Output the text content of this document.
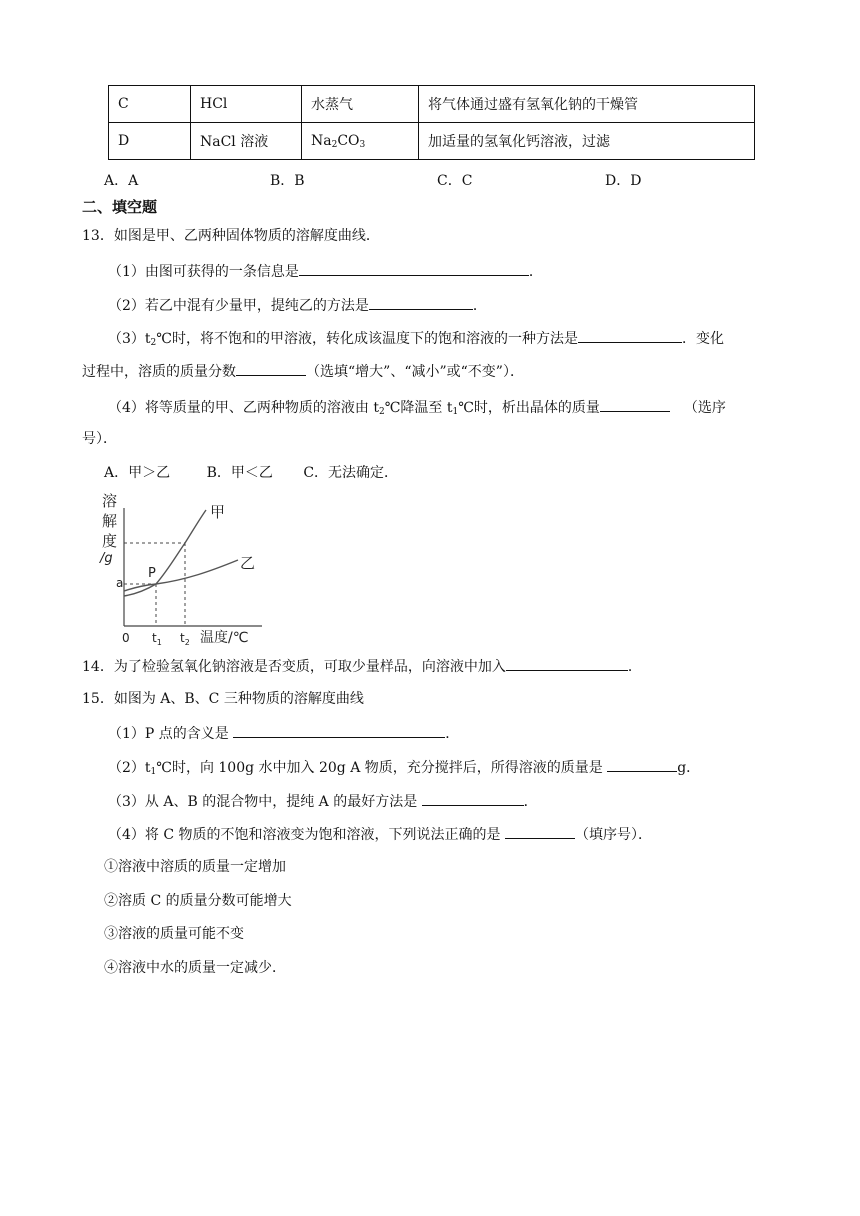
C	HCl	水蒸气	将气体通过盛有氢氧化钠的干燥管
D	NaCl 溶液	$Na_2CO_3$	加适量的氢氧化钙溶液，过滤
A．A	B．B	C．C	D．D
二、填空题
13．如图是甲、乙两种固体物质的溶解度曲线．
（1）由图可获得的一条信息是	．
（2）若乙中混有少量甲，提纯乙的方法是	．
$(3)t_2℃$时，将不饱和的甲溶液，转化成该温度下的饱和溶液的一种方法是	．变化
过程中，溶质的质量分数	（选填“增大”、“减小”或“不变”）．
（4）将等质量的甲、乙两种物质的溶液由 $t_2℃$降温至 $t_1℃$时，析出晶体的质量	（选序
号）．
A．甲＞乙	B．甲＜乙 C．无法确定．
溶
解
度
/g
甲
乙
P
a
0 $t_1$ $t_2$ 温度/℃
14．为了检验氢氧化钠溶液是否变质，可取少量样品，向溶液中加入	．
15．如图为 A、B、C 三种物质的溶解度曲线
（1）P 点的含义是	．
$(2)t_1℃$时，向 100g 水中加入 20g A 物质，充分搅拌后，所得溶液的质量是	g．
（3）从 A、B 的混合物中，提纯 A 的最好方法是	．
（4）将 C 物质的不饱和溶液变为饱和溶液，下列说法正确的是	（填序号）．
①溶液中溶质的质量一定增加
②溶质 C 的质量分数可能增大
③溶液的质量可能不变
④溶液中水的质量一定减少．
